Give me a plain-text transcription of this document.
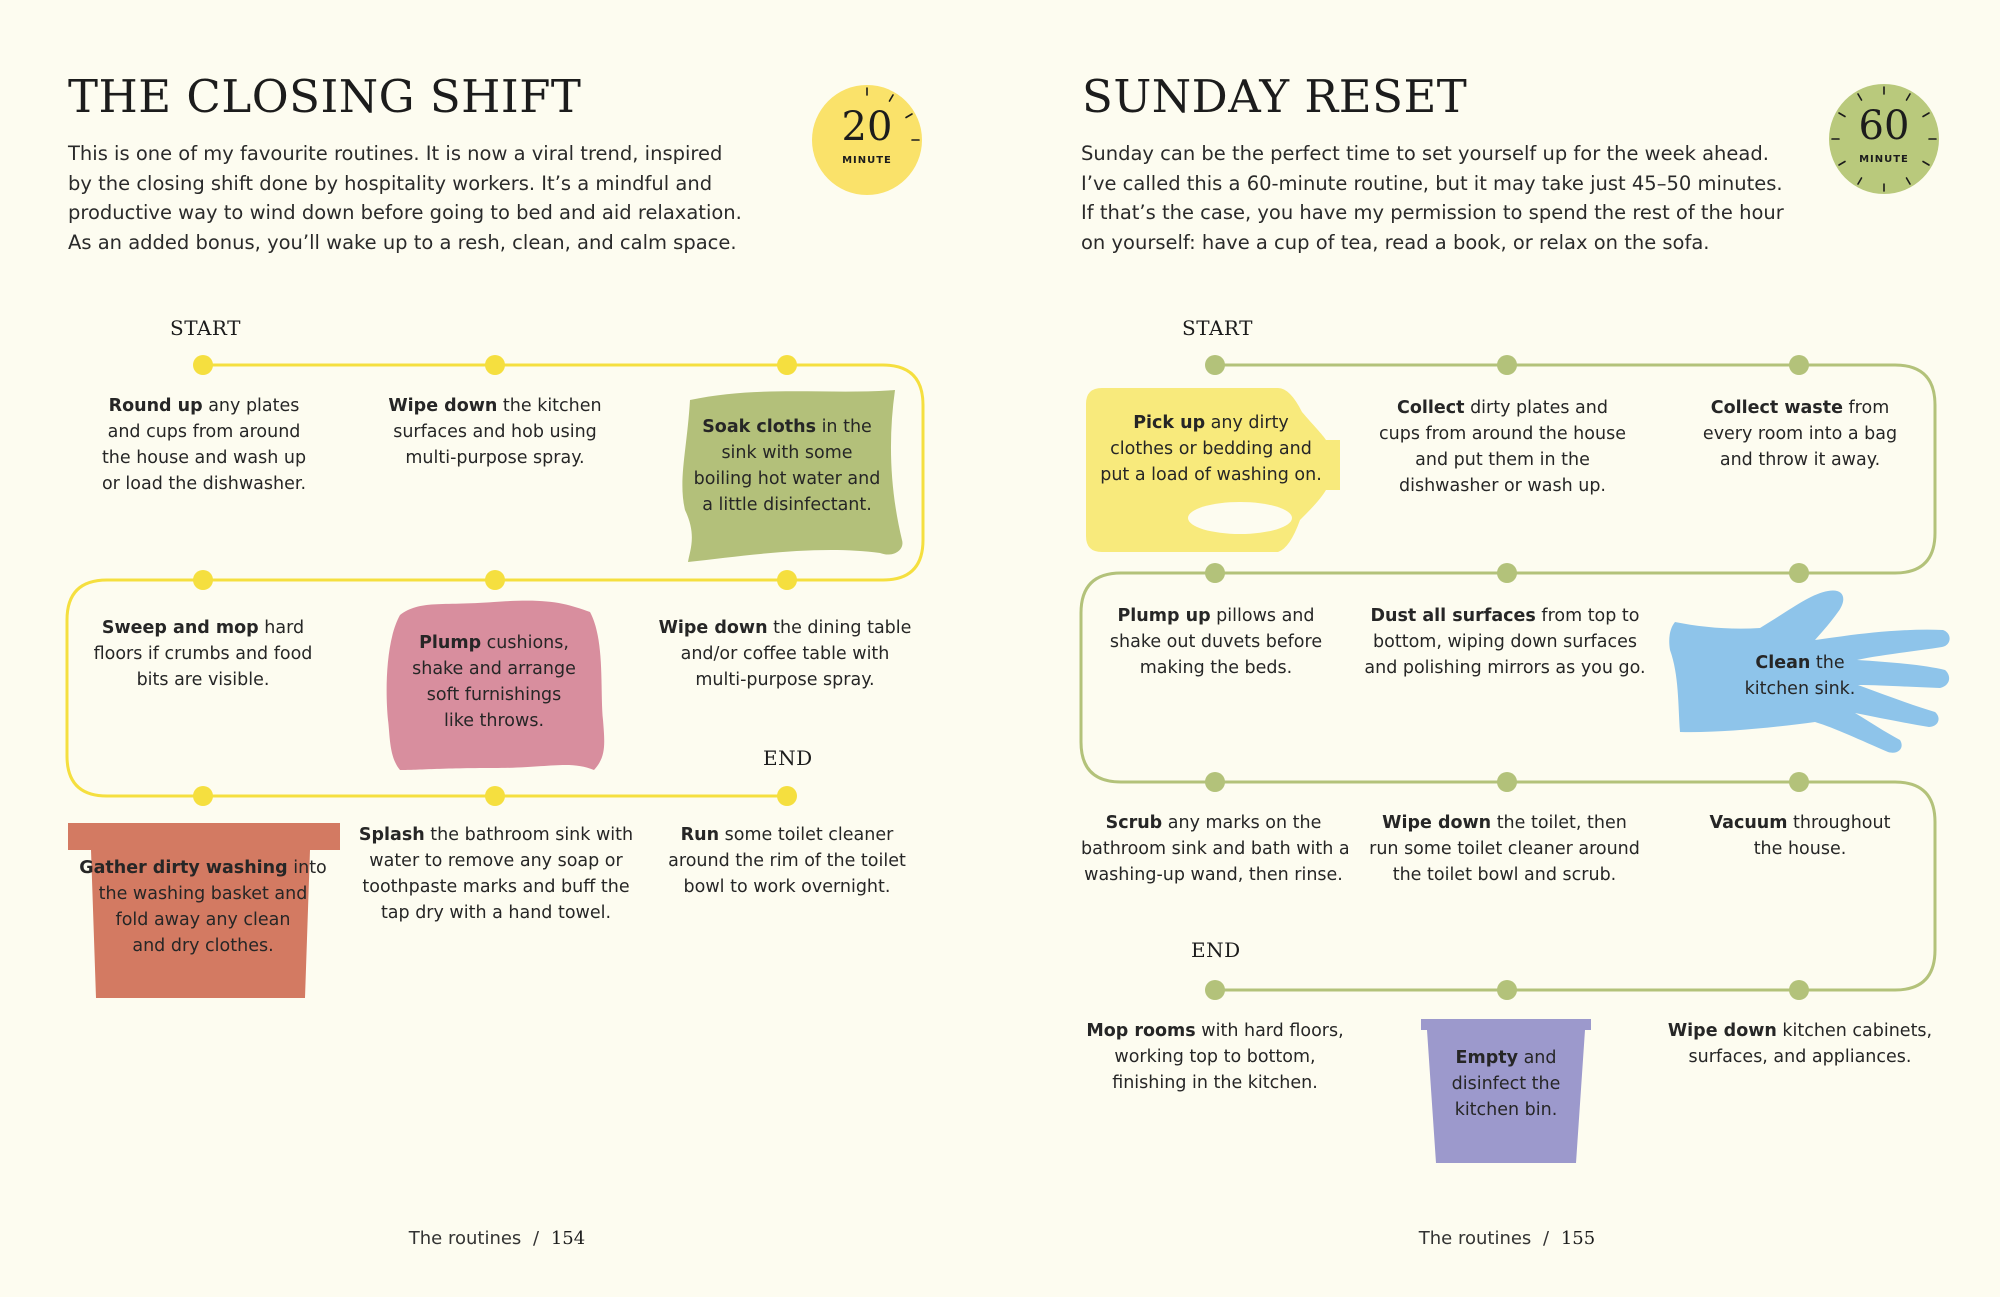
THE CLOSING SHIFT
20
MINUTE
This is one of my favourite routines. It is now a viral trend, inspired
by the closing shift done by hospitality workers. It’s a mindful and
productive way to wind down before going to bed and aid relaxation.
As an added bonus, you’ll wake up to a resh, clean, and calm space.
START
END
Round up any plates
and cups from around
the house and wash up
or load the dishwasher.
Wipe down the kitchen
surfaces and hob using
multi-purpose spray.
Soak cloths in the
sink with some
boiling hot water and
a little disinfectant.
Wipe down the dining table
and/or coffee table with
multi-purpose spray.
Plump cushions,
shake and arrange
soft furnishings
like throws.
Sweep and mop hard
floors if crumbs and food
bits are visible.
Gather dirty washing into
the washing basket and
fold away any clean
and dry clothes.
Splash the bathroom sink with
water to remove any soap or
toothpaste marks and buff the
tap dry with a hand towel.
Run some toilet cleaner
around the rim of the toilet
bowl to work overnight.
The routines / 154
SUNDAY RESET
60
MINUTE
Sunday can be the perfect time to set yourself up for the week ahead.
I’ve called this a 60-minute routine, but it may take just 45–50 minutes.
If that’s the case, you have my permission to spend the rest of the hour
on yourself: have a cup of tea, read a book, or relax on the sofa.
START
END
Pick up any dirty
clothes or bedding and
put a load of washing on.
Collect dirty plates and
cups from around the house
and put them in the
dishwasher or wash up.
Collect waste from
every room into a bag
and throw it away.
Clean the
kitchen sink.
Dust all surfaces from top to
bottom, wiping down surfaces
and polishing mirrors as you go.
Plump up pillows and
shake out duvets before
making the beds.
Scrub any marks on the
bathroom sink and bath with a
washing-up wand, then rinse.
Wipe down the toilet, then
run some toilet cleaner around
the toilet bowl and scrub.
Vacuum throughout
the house.
Wipe down kitchen cabinets,
surfaces, and appliances.
Empty and
disinfect the
kitchen bin.
Mop rooms with hard floors,
working top to bottom,
finishing in the kitchen.
The routines / 155
